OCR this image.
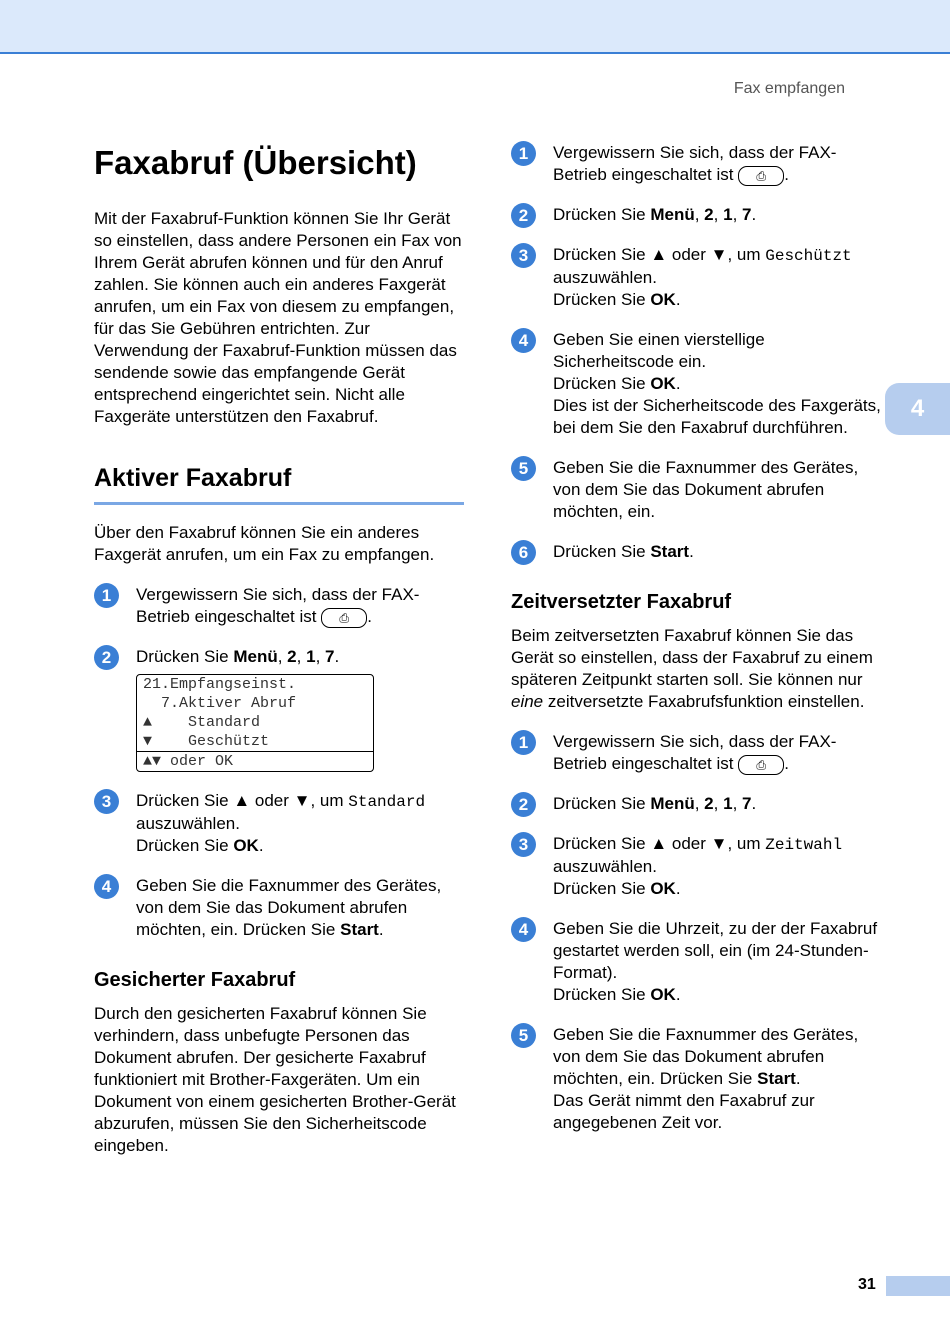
Fax empfangen
4
Faxabruf (Übersicht)

Mit der Faxabruf-Funktion können Sie Ihr Gerät so einstellen, dass andere Personen ein Fax von Ihrem Gerät abrufen können und für den Anruf zahlen. Sie können auch ein anderes Faxgerät anrufen, um ein Fax von diesem zu empfangen, für das Sie Gebühren entrichten. Zur Verwendung der Faxabruf-Funktion müssen das sendende sowie das empfangende Gerät entsprechend eingerichtet sein. Nicht alle Faxgeräte unterstützen den Faxabruf.

Aktiver Faxabruf

Über den Faxabruf können Sie ein anderes Faxgerät anrufen, um ein Fax zu empfangen.

1	Vergewissern Sie sich, dass der FAX-Betrieb eingeschaltet ist ⎙ .
2	Drücken Sie Menü, 2, 1, 7.
21.Empfangseinst.
7.Aktiver Abruf
▲    Standard
▼    Geschützt
▲▼ oder OK
3	Drücken Sie ▲ oder ▼, um Standard auszuwählen.
Drücken Sie OK.
4	Geben Sie die Faxnummer des Gerätes, von dem Sie das Dokument abrufen möchten, ein. Drücken Sie Start.
Gesicherter Faxabruf

Durch den gesicherten Faxabruf können Sie verhindern, dass unbefugte Personen das Dokument abrufen. Der gesicherte Faxabruf funktioniert mit Brother-Faxgeräten. Um ein Dokument von einem gesicherten Brother-Gerät abzurufen, müssen Sie den Sicherheitscode eingeben.

1	Vergewissern Sie sich, dass der FAX-Betrieb eingeschaltet ist ⎙ .
2	Drücken Sie Menü, 2, 1, 7.
3	Drücken Sie ▲ oder ▼, um Geschützt auszuwählen.
Drücken Sie OK.
4	Geben Sie einen vierstellige Sicherheitscode ein.
Drücken Sie OK.
Dies ist der Sicherheitscode des Faxgeräts, bei dem Sie den Faxabruf durchführen.
5	Geben Sie die Faxnummer des Gerätes, von dem Sie das Dokument abrufen möchten, ein.
6	Drücken Sie Start.
Zeitversetzter Faxabruf

Beim zeitversetzten Faxabruf können Sie das Gerät so einstellen, dass der Faxabruf zu einem späteren Zeitpunkt starten soll. Sie können nur eine zeitversetzte Faxabrufsfunktion einstellen.

1	Vergewissern Sie sich, dass der FAX-Betrieb eingeschaltet ist ⎙ .
2	Drücken Sie Menü, 2, 1, 7.
3	Drücken Sie ▲ oder ▼, um Zeitwahl auszuwählen.
Drücken Sie OK.
4	Geben Sie die Uhrzeit, zu der der Faxabruf gestartet werden soll, ein (im 24-Stunden-Format).
Drücken Sie OK.
5	Geben Sie die Faxnummer des Gerätes, von dem Sie das Dokument abrufen möchten, ein. Drücken Sie Start.
Das Gerät nimmt den Faxabruf zur angegebenen Zeit vor.
31
